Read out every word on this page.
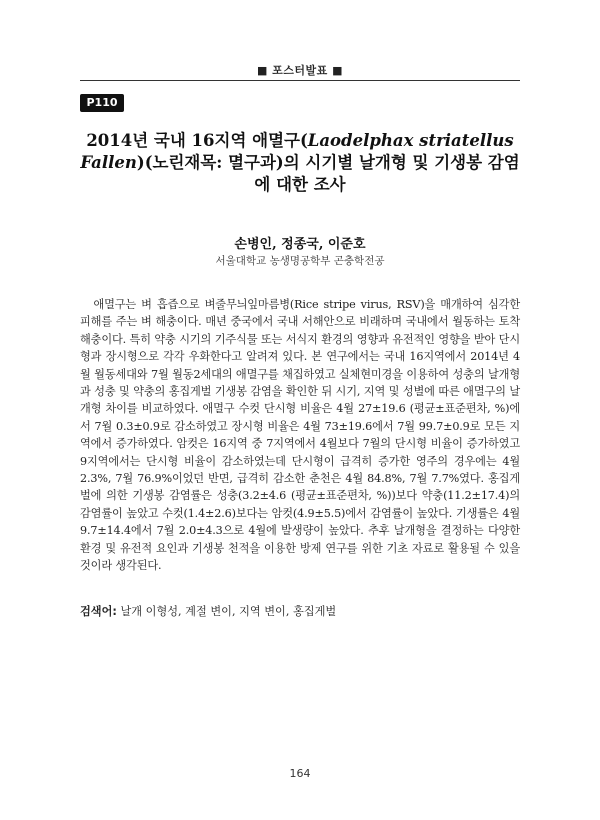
■ 포스터발표 ■
P110
2014년 국내 16지역 애멸구(Laodelphax striatellus Fallen)(노린재목: 멸구과)의 시기별 날개형 및 기생봉 감염에 대한 조사
손병인, 정종국, 이준호
서울대학교 농생명공학부 곤충학전공

애멸구는 벼 흡즙으로 벼줄무늬잎마름병(Rice stripe virus, RSV)을 매개하여 심각한 피해를 주는 벼 해충이다. 매년 중국에서 국내 서해안으로 비래하며 국내에서 월동하는 토착해충이다. 특히 약충 시기의 기주식물 또는 서식지 환경의 영향과 유전적인 영향을 받아 단시형과 장시형으로 각각 우화한다고 알려져 있다. 본 연구에서는 국내 16지역에서 2014년 4월 월동세대와 7월 월동2세대의 애멸구를 채집하였고 실체현미경을 이용하여 성충의 날개형과 성충 및 약충의 홍집게벌 기생봉 감염을 확인한 뒤 시기, 지역 및 성별에 따른 애멸구의 날개형 차이를 비교하였다. 애멸구 수컷 단시형 비율은 4월 27±19.6 (평균±표준편차, %)에서 7월 0.3±0.9로 감소하였고 장시형 비율은 4월 73±19.6에서 7월 99.7±0.9로 모든 지역에서 증가하였다. 암컷은 16지역 중 7지역에서 4월보다 7월의 단시형 비율이 증가하였고 9지역에서는 단시형 비율이 감소하였는데 단시형이 급격히 증가한 영주의 경우에는 4월 2.3%, 7월 76.9%이었던 반면, 급격히 감소한 춘천은 4월 84.8%, 7월 7.7%였다. 홍집게벌에 의한 기생봉 감염률은 성충(3.2±4.6 (평균±표준편차, %))보다 약충(11.2±17.4)의 감염률이 높았고 수컷(1.4±2.6)보다는 암컷(4.9±5.5)에서 감염률이 높았다. 기생률은 4월 9.7±14.4에서 7월 2.0±4.3으로 4월에 발생량이 높았다. 추후 날개형을 결정하는 다양한 환경 및 유전적 요인과 기생봉 천적을 이용한 방제 연구를 위한 기초 자료로 활용될 수 있을 것이라 생각된다.

검색어: 날개 이형성, 계절 변이, 지역 변이, 홍집게벌
164
